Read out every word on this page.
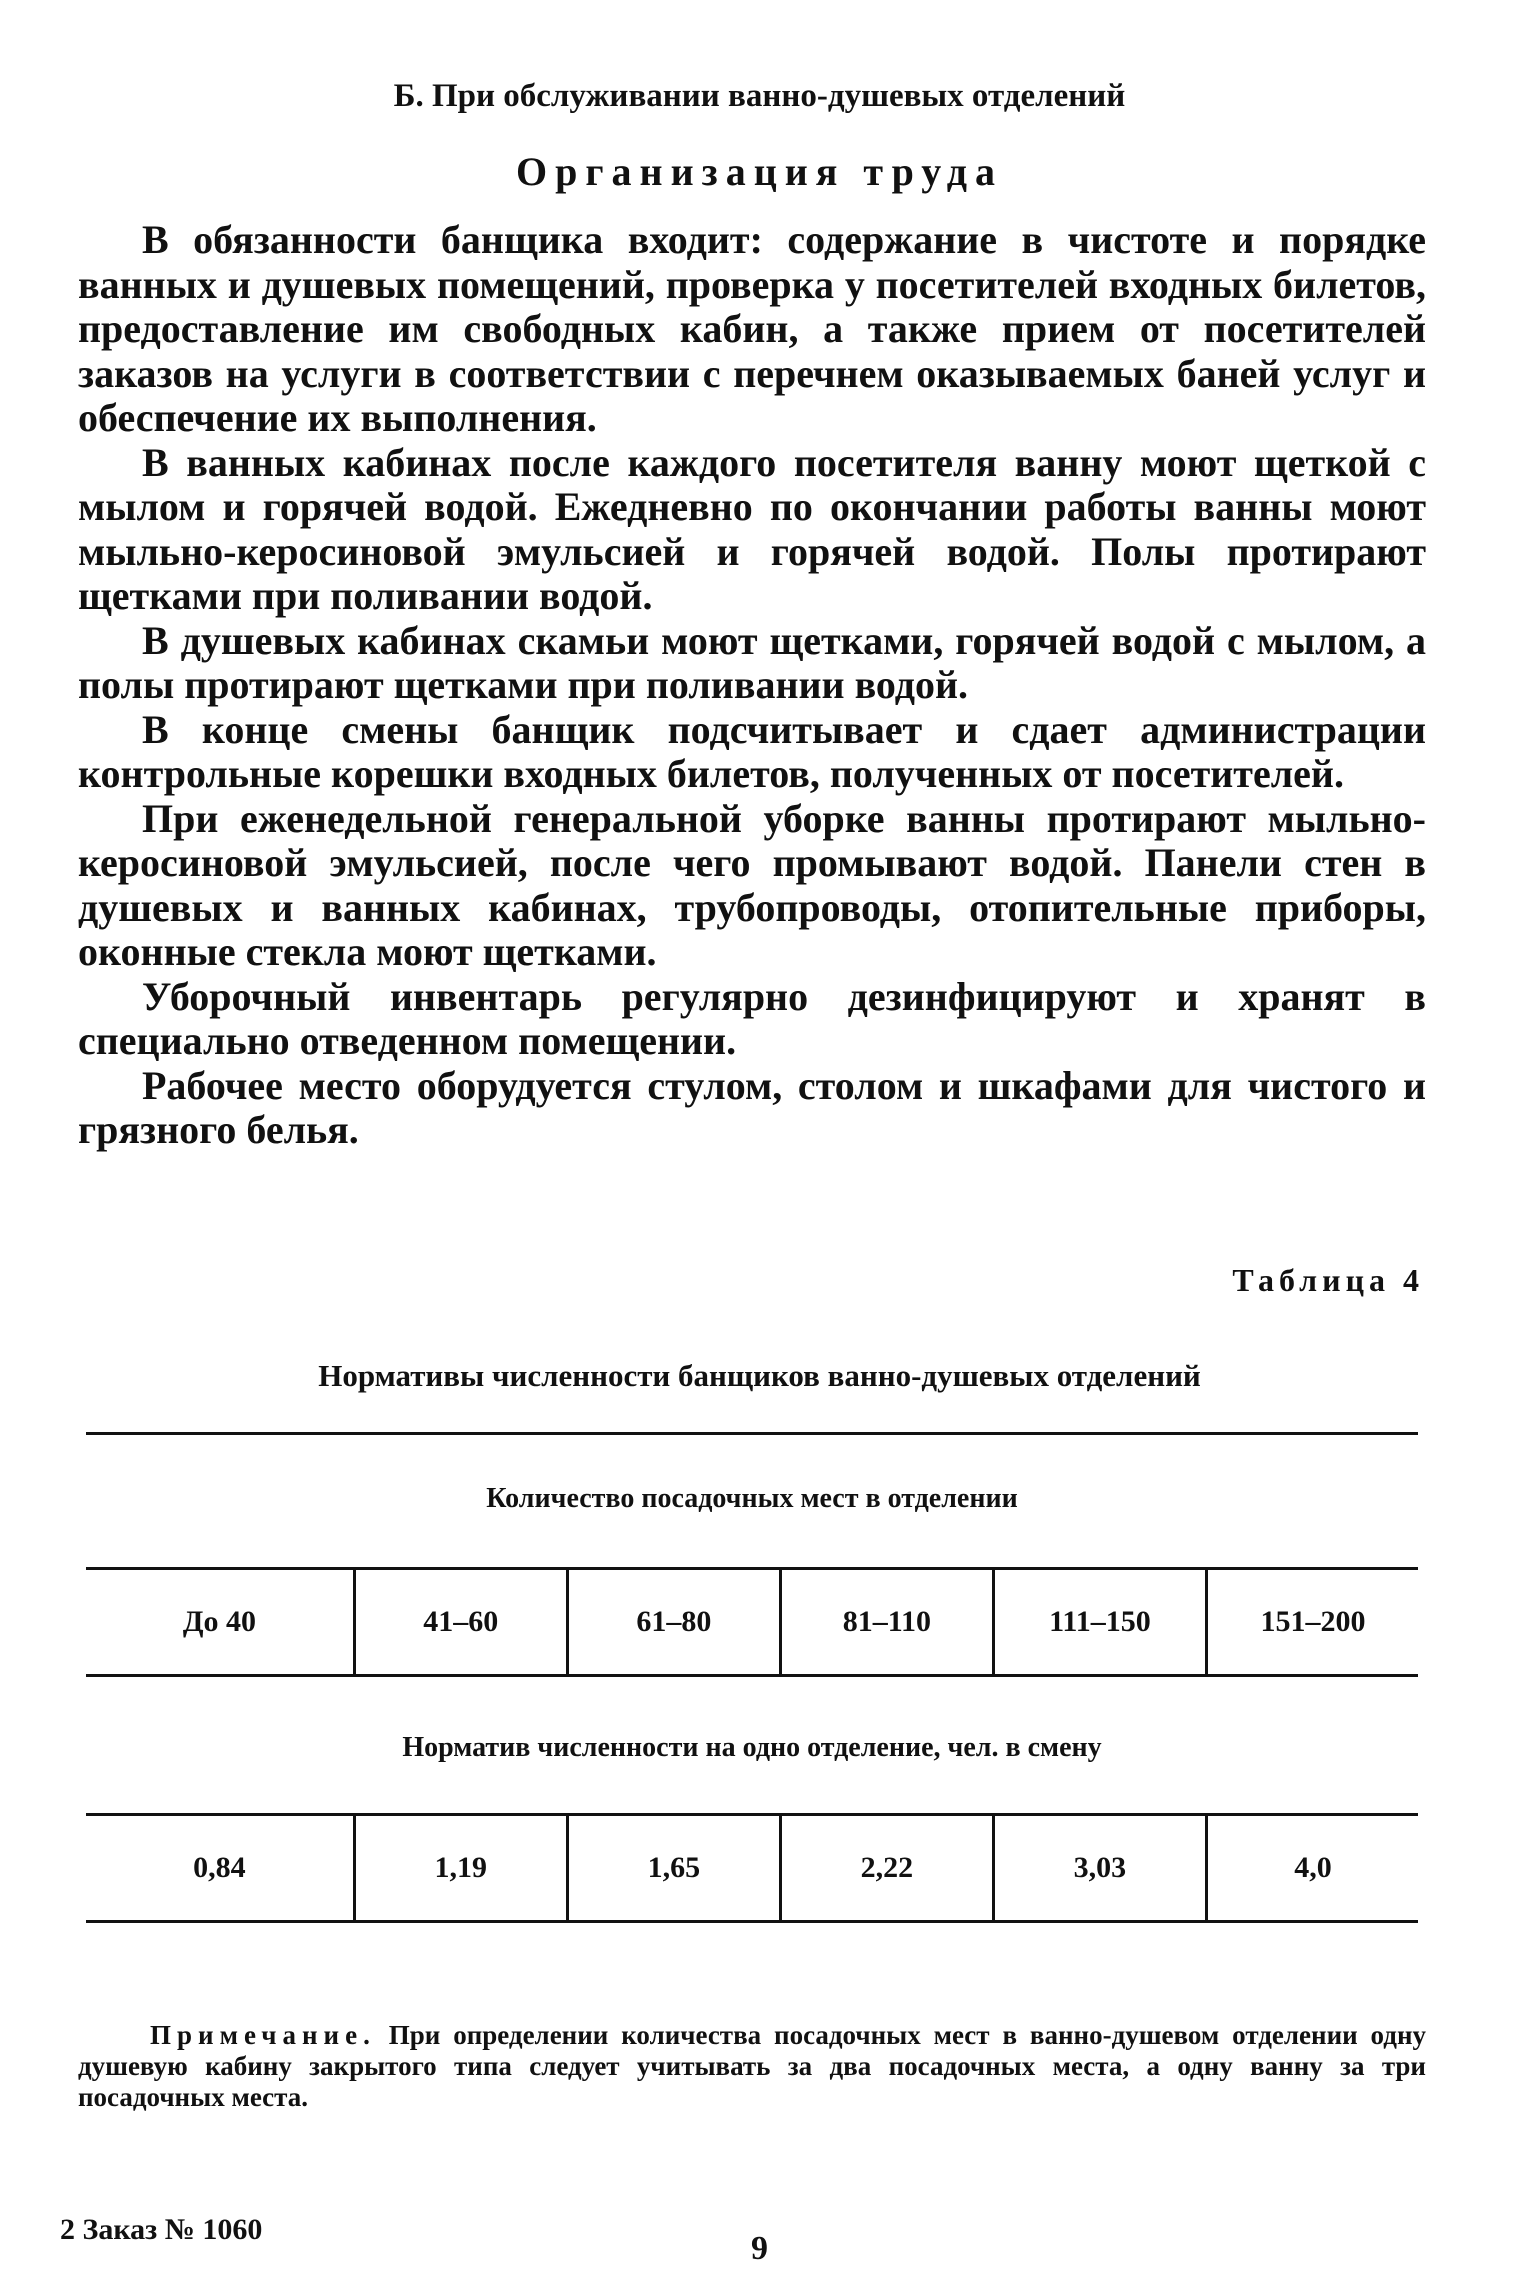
Б. При обслуживании ванно-душевых отделений
Организация труда

В обязанности банщика входит: содержание в чистоте и порядке ванных и душевых помещений, проверка у посетителей входных билетов, предоставление им свободных кабин, а также прием от посетителей заказов на услуги в соответствии с перечнем оказываемых баней услуг и обеспечение их выполнения.

В ванных кабинах после каждого посетителя ванну моют щеткой с мылом и горячей водой. Ежедневно по окончании работы ванны моют мыльно-керосиновой эмульсией и горячей водой. Полы протирают щетками при поливании водой.

В душевых кабинах скамьи моют щетками, горячей водой с мылом, а полы протирают щетками при поливании водой.

В конце смены банщик подсчитывает и сдает администрации контрольные корешки входных билетов, полученных от посетителей.

При еженедельной генеральной уборке ванны протирают мыльно-керосиновой эмульсией, после чего промывают водой. Панели стен в душевых и ванных кабинах, трубопроводы, отопительные приборы, оконные стекла моют щетками.

Уборочный инвентарь регулярно дезинфицируют и хранят в специально отведенном помещении.

Рабочее место оборудуется стулом, столом и шкафами для чистого и грязного белья.

Таблица 4
Нормативы численности банщиков ванно-душевых отделений
Количество посадочных мест в отделении
До 40	41–60	61–80	81–110	111–150	151–200
Норматив численности на одно отделение, чел. в смену
0,84	1,19	1,65	2,22	3,03	4,0
Примечание. При определении количества посадочных мест в ванно-душевом отделении одну душевую кабину закрытого типа следует учитывать за два посадочных места, а одну ванну за три посадочных места.
2 Заказ № 1060
9
